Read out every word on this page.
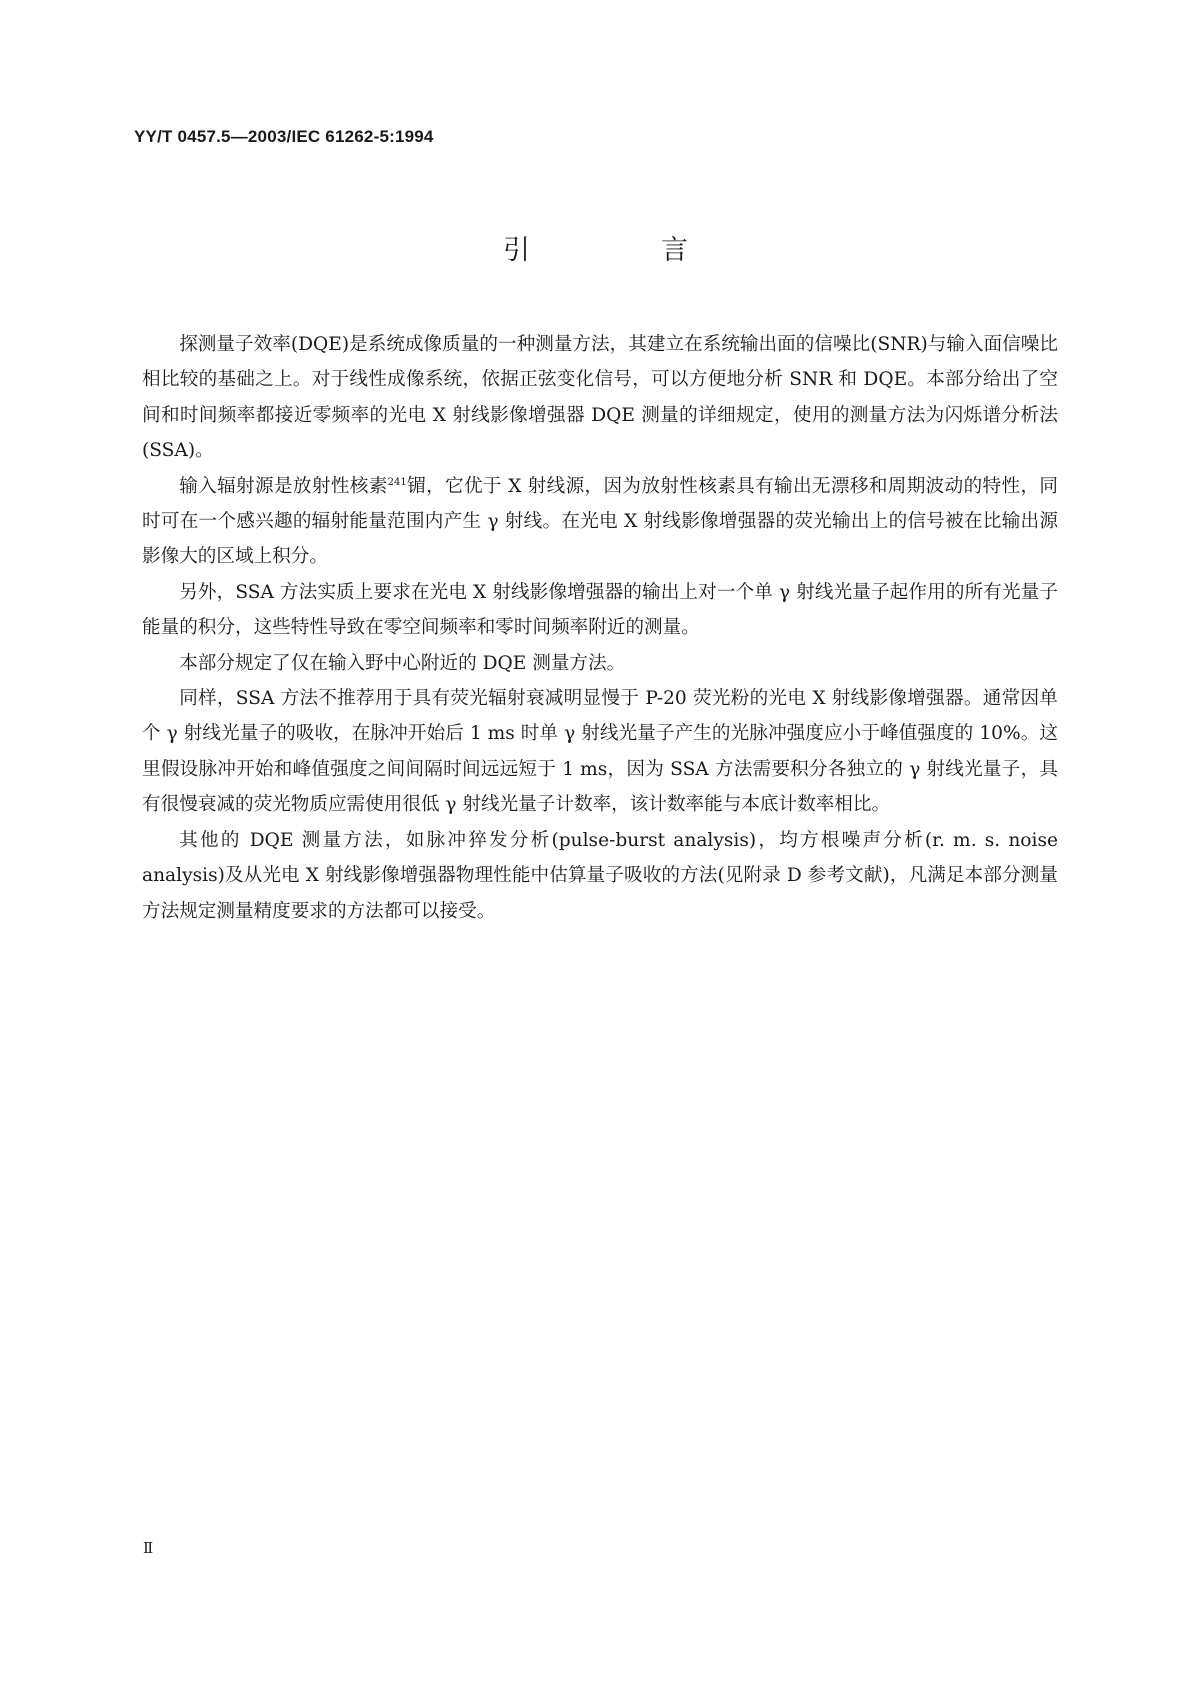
YY/T 0457.5—2003/IEC 61262-5:1994
引　言

探测量子效率(DQE)是系统成像质量的一种测量方法，其建立在系统输出面的信噪比(SNR)与输入面信噪比相比较的基础之上。对于线性成像系统，依据正弦变化信号，可以方便地分析 SNR 和 DQE。本部分给出了空间和时间频率都接近零频率的光电 X 射线影像增强器 DQE 测量的详细规定，使用的测量方法为闪烁谱分析法(SSA)。

输入辐射源是放射性核素$^{241}$镅，它优于 X 射线源，因为放射性核素具有输出无漂移和周期波动的特性，同时可在一个感兴趣的辐射能量范围内产生 γ 射线。在光电 X 射线影像增强器的荧光输出上的信号被在比输出源影像大的区域上积分。

另外，SSA 方法实质上要求在光电 X 射线影像增强器的输出上对一个单 γ 射线光量子起作用的所有光量子能量的积分，这些特性导致在零空间频率和零时间频率附近的测量。

本部分规定了仅在输入野中心附近的 DQE 测量方法。

同样，SSA 方法不推荐用于具有荧光辐射衰减明显慢于 P-20 荧光粉的光电 X 射线影像增强器。通常因单个 γ 射线光量子的吸收，在脉冲开始后 1 ms 时单 γ 射线光量子产生的光脉冲强度应小于峰值强度的 10%。这里假设脉冲开始和峰值强度之间间隔时间远远短于 1 ms，因为 SSA 方法需要积分各独立的 γ 射线光量子，具有很慢衰减的荧光物质应需使用很低 γ 射线光量子计数率，该计数率能与本底计数率相比。

其他的 DQE 测量方法，如脉冲猝发分析(pulse-burst analysis)，均方根噪声分析(r. m. s. noise analysis)及从光电 X 射线影像增强器物理性能中估算量子吸收的方法(见附录 D 参考文献)，凡满足本部分测量方法规定测量精度要求的方法都可以接受。

Ⅱ
